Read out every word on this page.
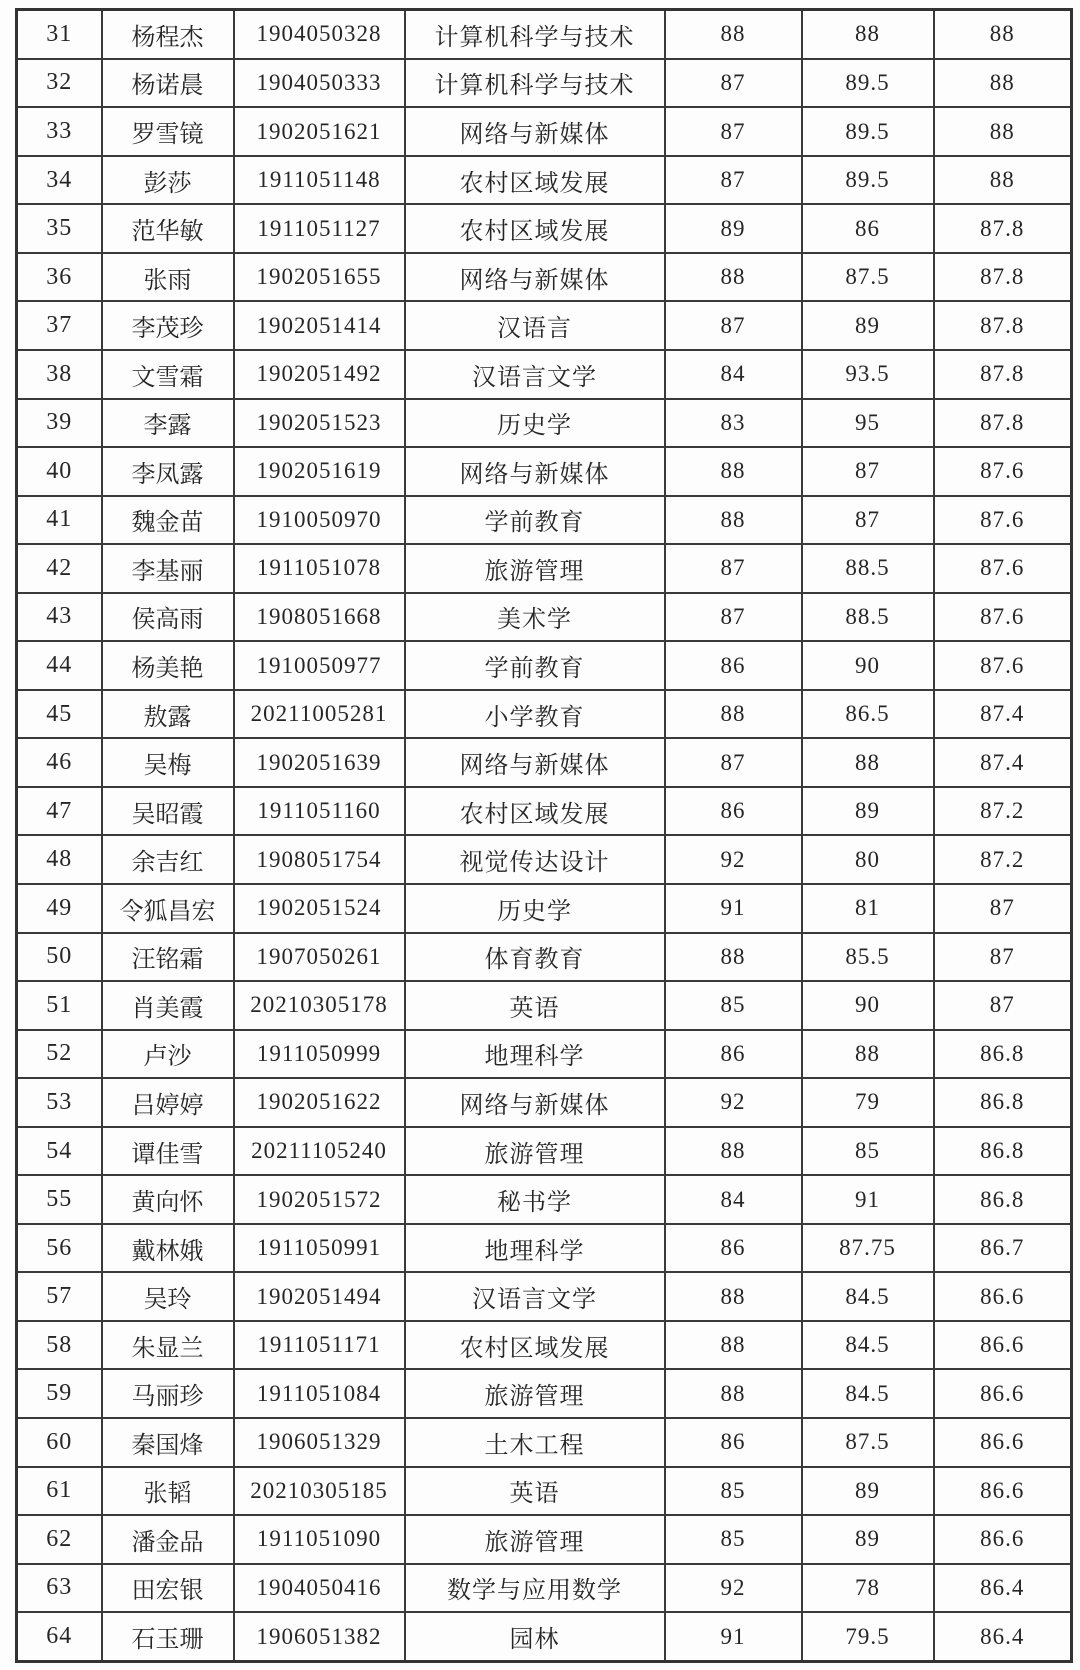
31	杨程杰	1904050328	计算机科学与技术	88	88	88
32	杨诺晨	1904050333	计算机科学与技术	87	89.5	88
33	罗雪镜	1902051621	网络与新媒体	87	89.5	88
34	彭莎	1911051148	农村区域发展	87	89.5	88
35	范华敏	1911051127	农村区域发展	89	86	87.8
36	张雨	1902051655	网络与新媒体	88	87.5	87.8
37	李茂珍	1902051414	汉语言	87	89	87.8
38	文雪霜	1902051492	汉语言文学	84	93.5	87.8
39	李露	1902051523	历史学	83	95	87.8
40	李凤露	1902051619	网络与新媒体	88	87	87.6
41	魏金苗	1910050970	学前教育	88	87	87.6
42	李基丽	1911051078	旅游管理	87	88.5	87.6
43	侯高雨	1908051668	美术学	87	88.5	87.6
44	杨美艳	1910050977	学前教育	86	90	87.6
45	敖露	20211005281	小学教育	88	86.5	87.4
46	吴梅	1902051639	网络与新媒体	87	88	87.4
47	吴昭霞	1911051160	农村区域发展	86	89	87.2
48	余吉红	1908051754	视觉传达设计	92	80	87.2
49	令狐昌宏	1902051524	历史学	91	81	87
50	汪铭霜	1907050261	体育教育	88	85.5	87
51	肖美霞	20210305178	英语	85	90	87
52	卢沙	1911050999	地理科学	86	88	86.8
53	吕婷婷	1902051622	网络与新媒体	92	79	86.8
54	谭佳雪	20211105240	旅游管理	88	85	86.8
55	黄向怀	1902051572	秘书学	84	91	86.8
56	戴林娥	1911050991	地理科学	86	87.75	86.7
57	吴玲	1902051494	汉语言文学	88	84.5	86.6
58	朱显兰	1911051171	农村区域发展	88	84.5	86.6
59	马丽珍	1911051084	旅游管理	88	84.5	86.6
60	秦国烽	1906051329	土木工程	86	87.5	86.6
61	张韬	20210305185	英语	85	89	86.6
62	潘金品	1911051090	旅游管理	85	89	86.6
63	田宏银	1904050416	数学与应用数学	92	78	86.4
64	石玉珊	1906051382	园林	91	79.5	86.4
